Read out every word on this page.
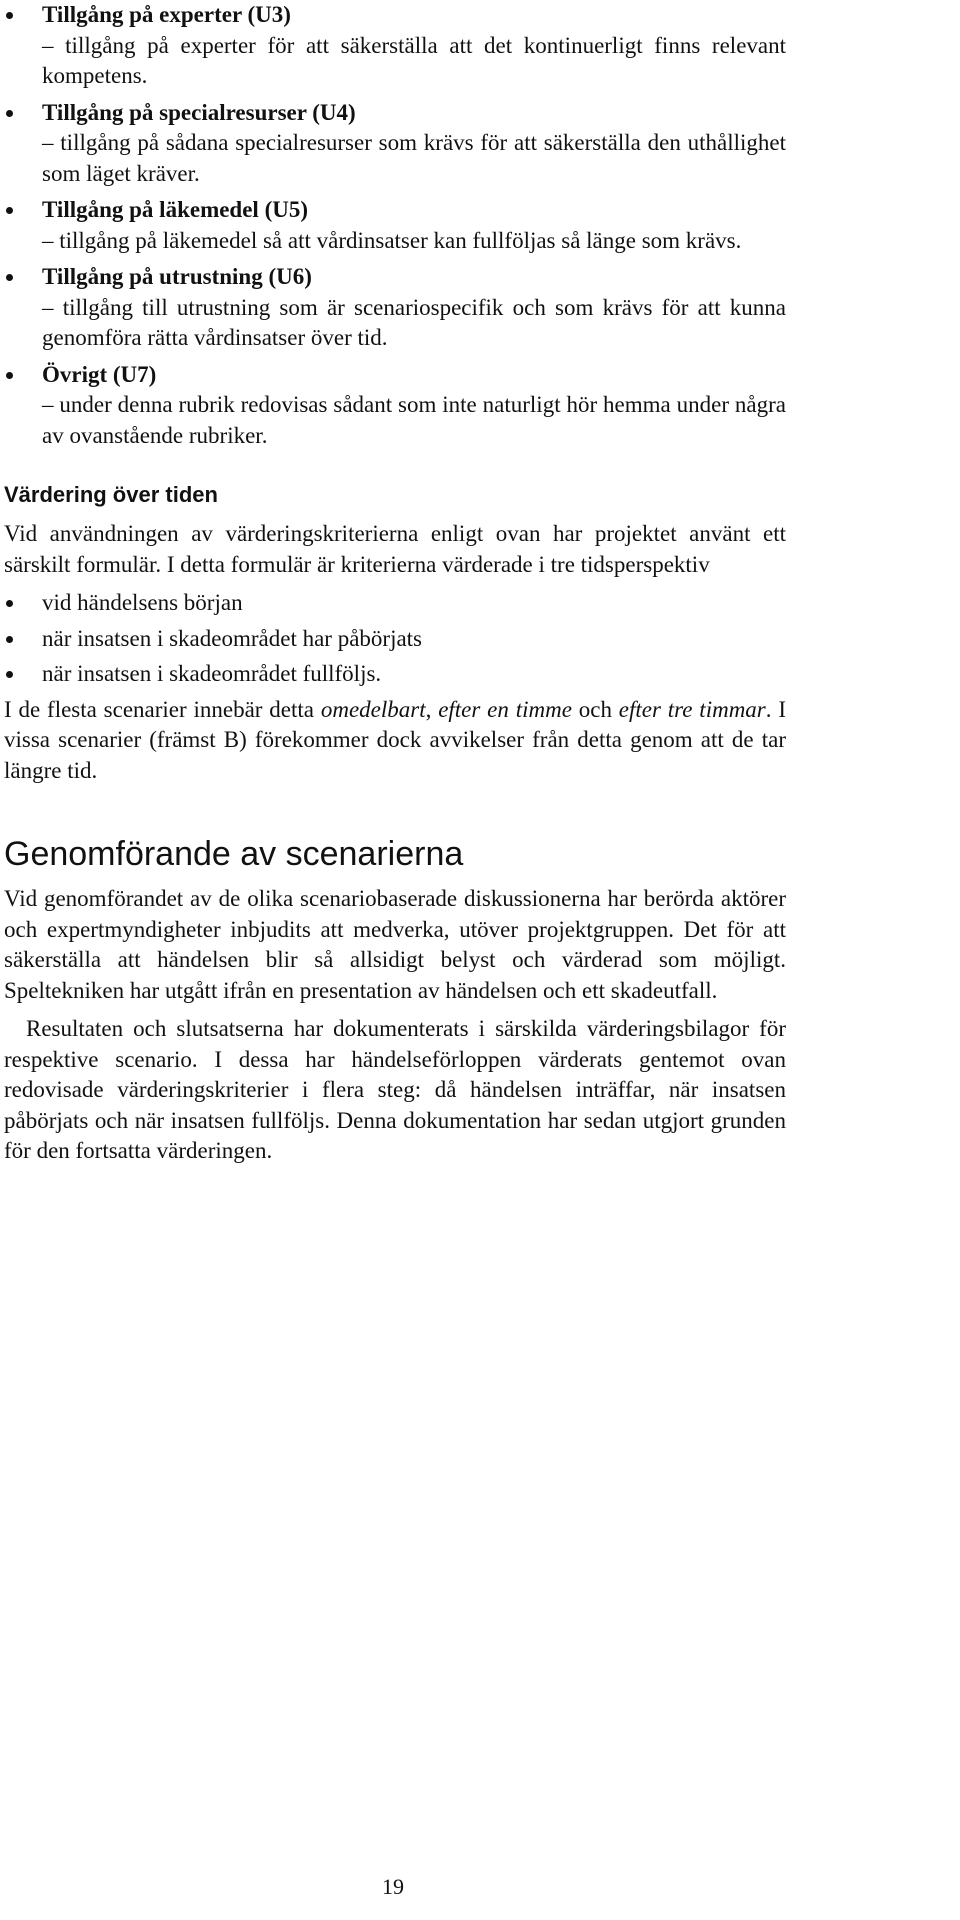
Tillgång på experter (U3)
– tillgång på experter för att säkerställa att det kontinuerligt finns relevant kompetens.
Tillgång på specialresurser (U4)
– tillgång på sådana specialresurser som krävs för att säkerställa den uthållighet som läget kräver.
Tillgång på läkemedel (U5)
– tillgång på läkemedel så att vårdinsatser kan fullföljas så länge som krävs.
Tillgång på utrustning (U6)
– tillgång till utrustning som är scenariospecifik och som krävs för att kunna genomföra rätta vårdinsatser över tid.
Övrigt (U7)
– under denna rubrik redovisas sådant som inte naturligt hör hemma under några av ovanstående rubriker.
Värdering över tiden

Vid användningen av värderingskriterierna enligt ovan har projektet använt ett särskilt formulär. I detta formulär är kriterierna värderade i tre tidsperspektiv

vid händelsens början
när insatsen i skadeområdet har påbörjats
när insatsen i skadeområdet fullföljs.

I de flesta scenarier innebär detta omedelbart, efter en timme och efter tre timmar. I vissa scenarier (främst B) förekommer dock avvikelser från detta genom att de tar längre tid.

Genomförande av scenarierna

Vid genomförandet av de olika scenariobaserade diskussionerna har berörda aktörer och expertmyndigheter inbjudits att medverka, utöver projektgruppen. Det för att säkerställa att händelsen blir så allsidigt belyst och värderad som möjligt. Speltekniken har utgått ifrån en presentation av händelsen och ett skadeutfall.

Resultaten och slutsatserna har dokumenterats i särskilda värderingsbilagor för respektive scenario. I dessa har händelseförloppen värderats gentemot ovan redovisade värderingskriterier i flera steg: då händelsen inträffar, när insatsen påbörjats och när insatsen fullföljs. Denna dokumentation har sedan utgjort grunden för den fortsatta värderingen.

19
